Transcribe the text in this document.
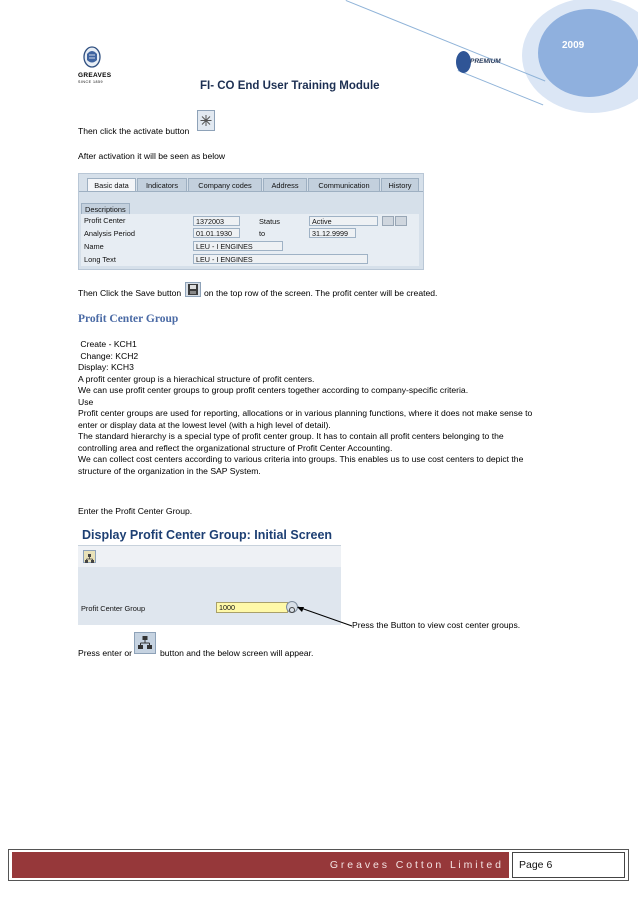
2009
GREAVES
SINCE 1859
PREMIUM
FI- CO End User Training Module
Then click the activate button
After activation it will be seen as below
Basic data	Indicators	Company codes	Address	Communication	History
Descriptions
Profit Center	1372003	Status	Active
Analysis Period	01.01.1930	to	31.12.9999
Name	LEU - I ENGINES
Long Text	LEU - I ENGINES
Then Click the Save button	on the top row of the screen. The profit center will be created.
Profit Center Group
Create - KCH1
Change: KCH2
Display: KCH3
A profit center group is a hierachical structure of profit centers.
We can use profit center groups to group profit centers together according to company-specific criteria.
Use
Profit center groups are used for reporting, allocations or in various planning functions, where it does not make sense to
enter or display data at the lowest level (with a high level of detail).
The standard hierarchy is a special type of profit center group. It has to contain all profit centers belonging to the
controlling area and reflect the organizational structure of Profit Center Accounting.
We can collect cost centers according to various criteria into groups. This enables us to use cost centers to depict the
structure of the organization in the SAP System.
Enter the Profit Center Group.
Display Profit Center Group: Initial Screen
Profit Center Group	1000
Press the Button to view cost center groups.
Press enter or	button and the below screen will appear.
G r e a v e s   C o t t o n   L i m i t e d Page 6
